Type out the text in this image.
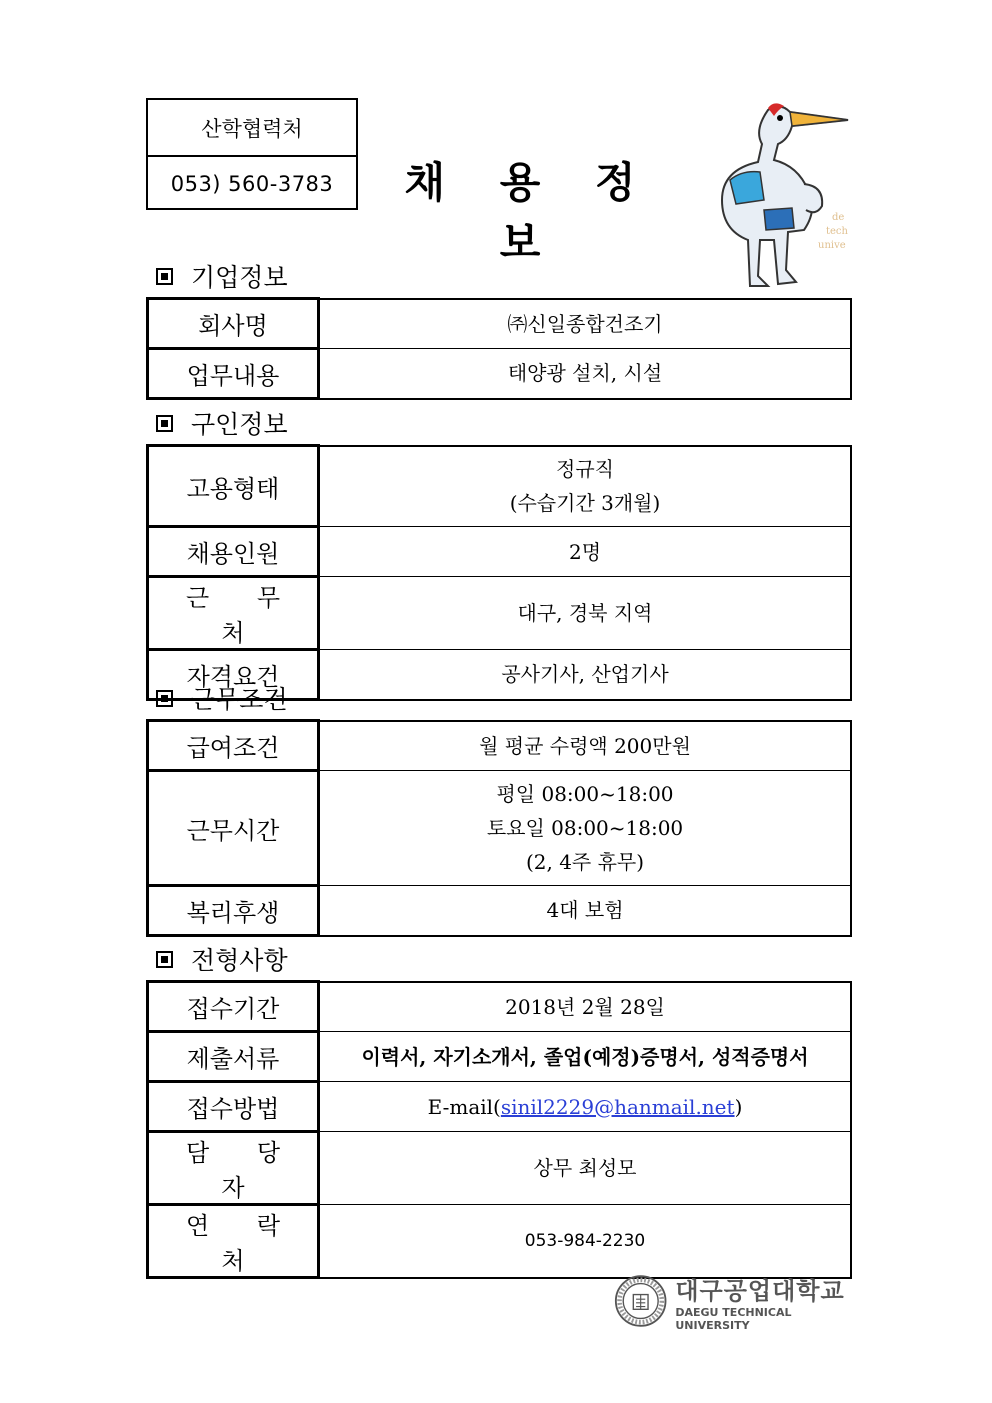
산학협력처
053) 560-3783	채 용 정 보
de
tech
unive
기업정보
회사명	㈜신일종합건조기
업무내용	태양광 설치, 시설
구인정보
고용형태	정규직
(수습기간 3개월)

채용인원	2명
근 무 처	대구, 경북 지역
자격요건	공사기사, 산업기사
근무조건
급여조건	월 평균 수령액 200만원
근무시간	평일 08:00~18:00
토요일 08:00~18:00
(2, 4주 휴무)

복리후생	4대 보험
전형사항
접수기간	2018년 2월 28일
제출서류	이력서, 자기소개서, 졸업(예정)증명서, 성적증명서
접수방법	E-mail(sinil2229@hanmail.net)
담 당 자	상무 최성모
연 락 처	053-984-2230
대구공업대학교
DAEGU TECHNICAL UNIVERSITY
